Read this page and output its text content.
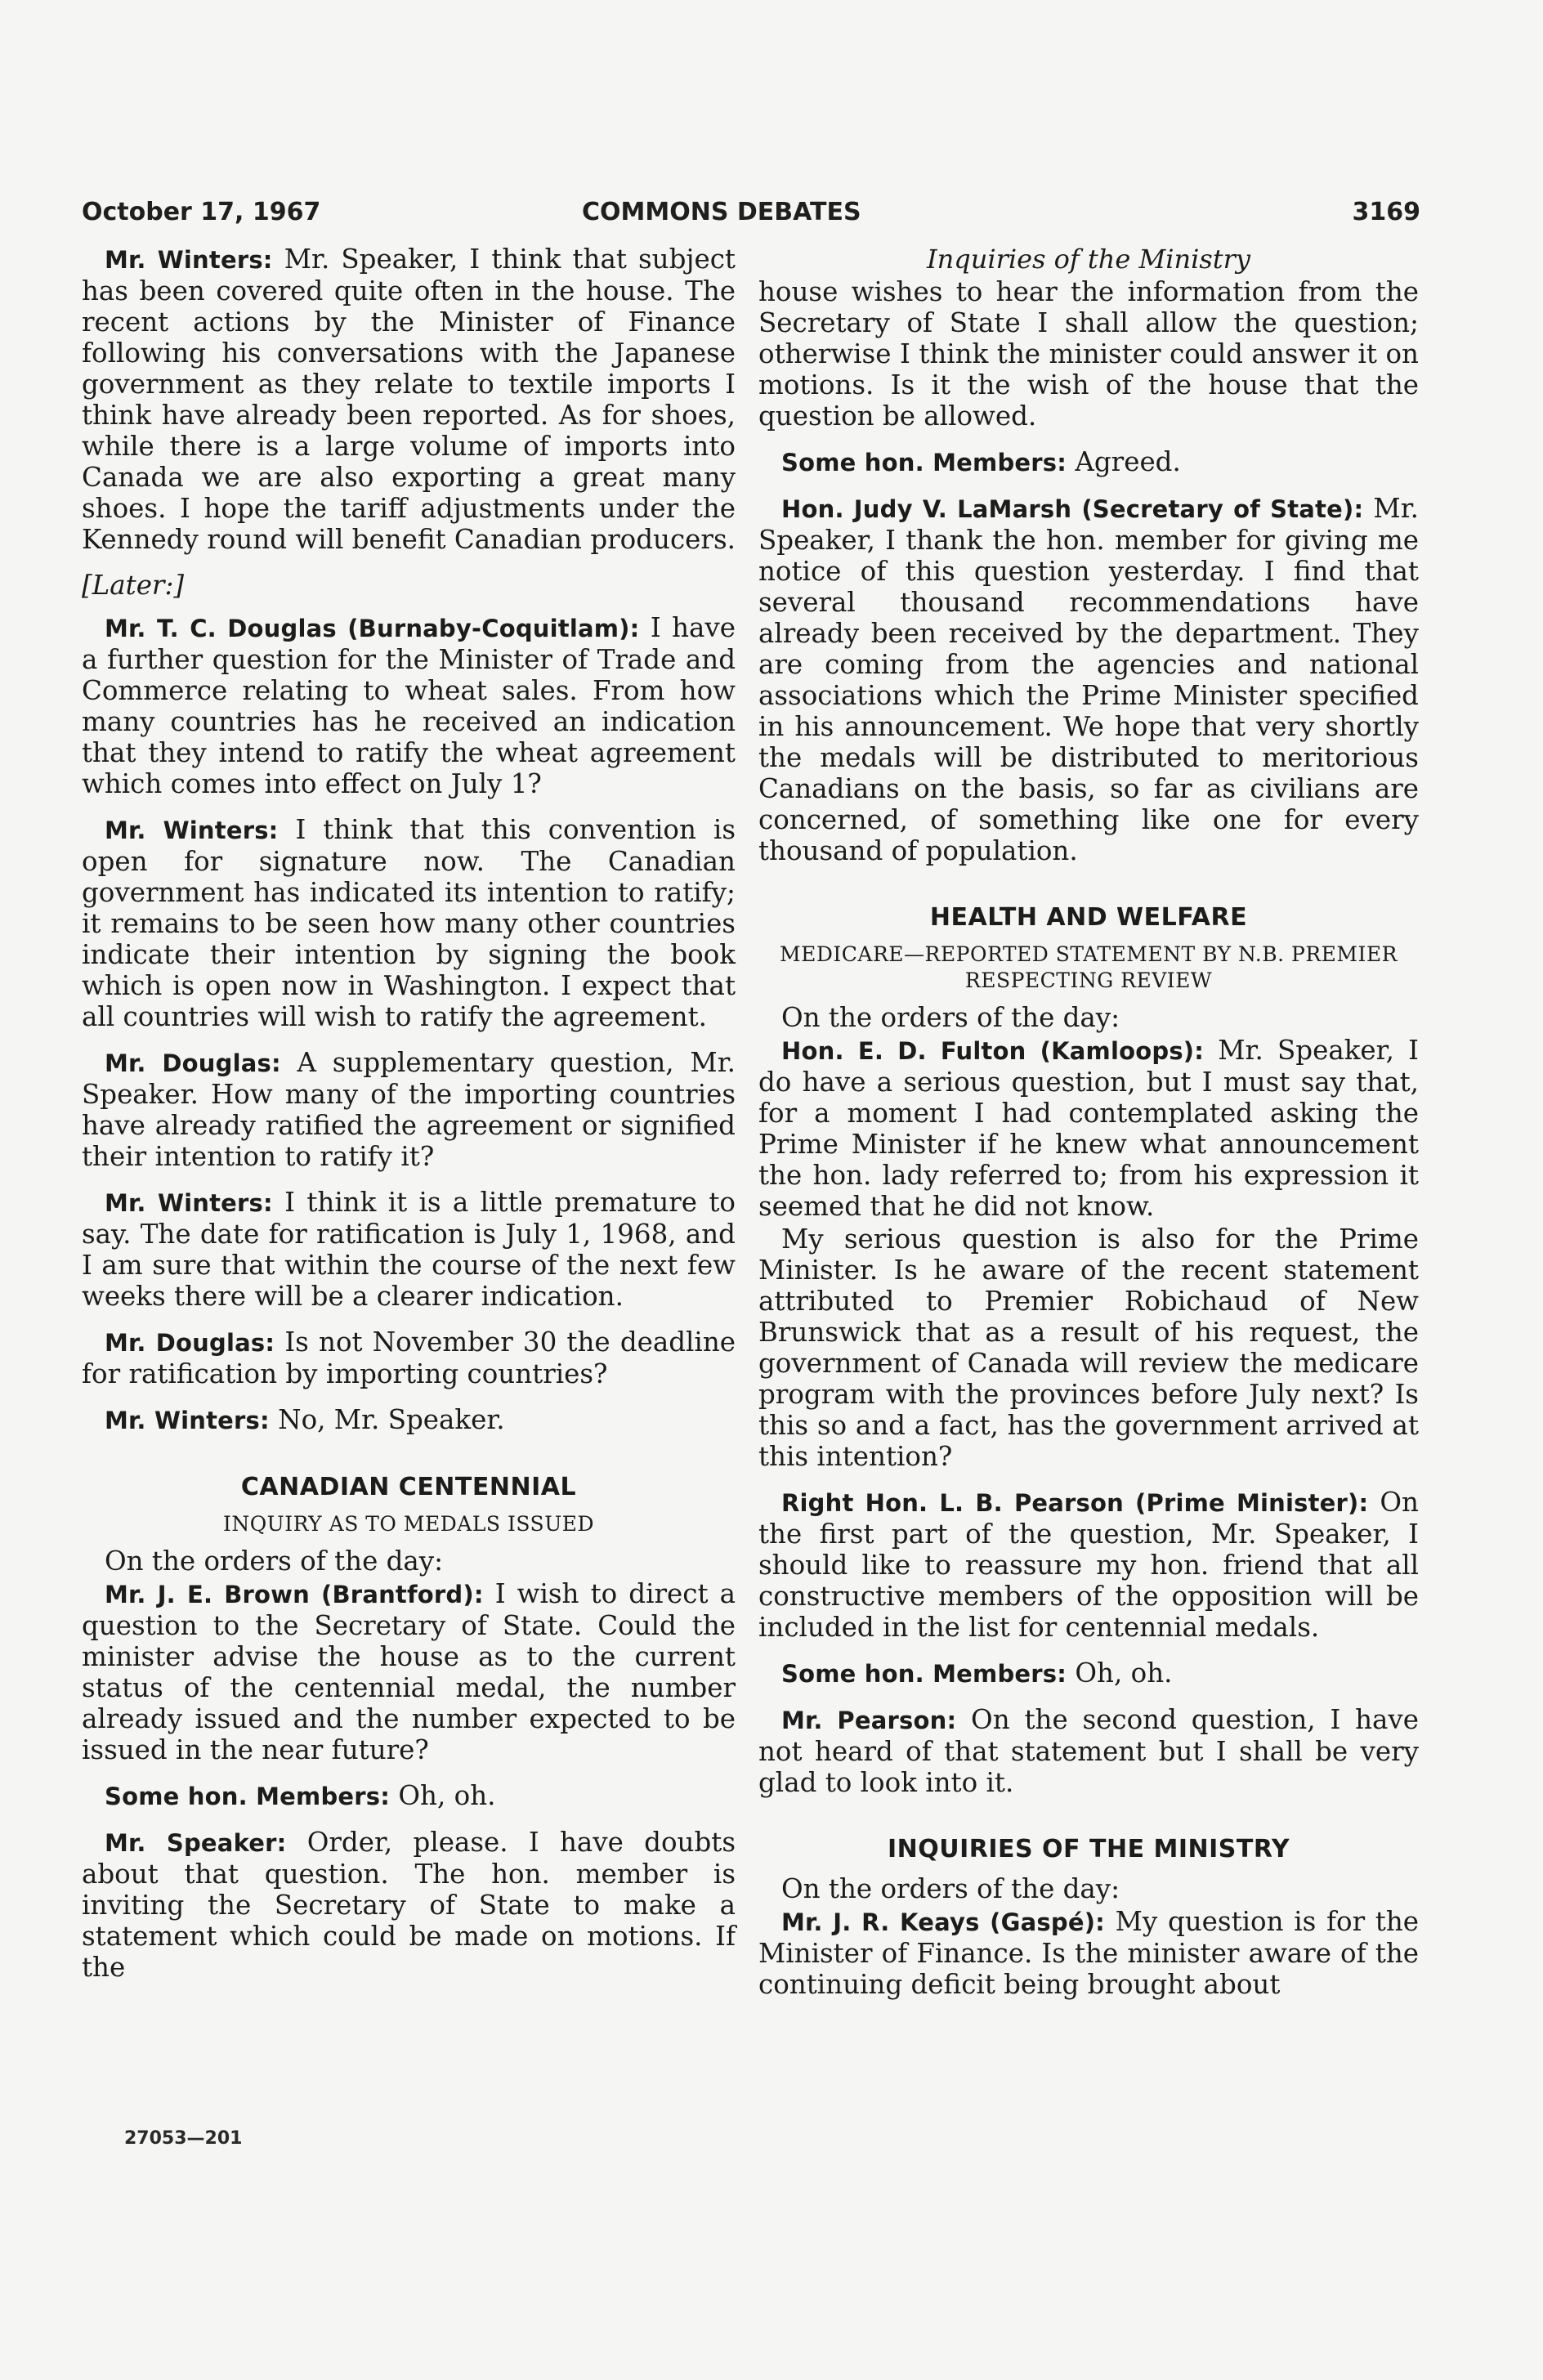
October 17, 1967	COMMONS DEBATES	3169

Mr. Winters: Mr. Speaker, I think that subject has been covered quite often in the house. The recent actions by the Minister of Finance following his conversations with the Japanese government as they relate to textile imports I think have already been reported. As for shoes, while there is a large volume of imports into Canada we are also exporting a great many shoes. I hope the tariff adjustments under the Kennedy round will benefit Canadian producers.

[Later:]

Mr. T. C. Douglas (Burnaby-Coquitlam): I have a further question for the Minister of Trade and Commerce relating to wheat sales. From how many countries has he received an indication that they intend to ratify the wheat agreement which comes into effect on July 1?

Mr. Winters: I think that this convention is open for signature now. The Canadian government has indicated its intention to ratify; it remains to be seen how many other countries indicate their intention by signing the book which is open now in Washington. I expect that all countries will wish to ratify the agreement.

Mr. Douglas: A supplementary question, Mr. Speaker. How many of the importing countries have already ratified the agreement or signified their intention to ratify it?

Mr. Winters: I think it is a little premature to say. The date for ratification is July 1, 1968, and I am sure that within the course of the next few weeks there will be a clearer indication.

Mr. Douglas: Is not November 30 the deadline for ratification by importing countries?

Mr. Winters: No, Mr. Speaker.

CANADIAN CENTENNIAL
INQUIRY AS TO MEDALS ISSUED

On the orders of the day:

Mr. J. E. Brown (Brantford): I wish to direct a question to the Secretary of State. Could the minister advise the house as to the current status of the centennial medal, the number already issued and the number expected to be issued in the near future?

Some hon. Members: Oh, oh.

Mr. Speaker: Order, please. I have doubts about that question. The hon. member is inviting the Secretary of State to make a statement which could be made on motions. If the

27053—201
Inquiries of the Ministry

house wishes to hear the information from the Secretary of State I shall allow the question; otherwise I think the minister could answer it on motions. Is it the wish of the house that the question be allowed.

Some hon. Members: Agreed.

Hon. Judy V. LaMarsh (Secretary of State): Mr. Speaker, I thank the hon. member for giving me notice of this question yesterday. I find that several thousand recommendations have already been received by the department. They are coming from the agencies and national associations which the Prime Minister specified in his announcement. We hope that very shortly the medals will be distributed to meritorious Canadians on the basis, so far as civilians are concerned, of something like one for every thousand of population.

HEALTH AND WELFARE
MEDICARE—REPORTED STATEMENT BY N.B. PREMIER RESPECTING REVIEW

On the orders of the day:

Hon. E. D. Fulton (Kamloops): Mr. Speaker, I do have a serious question, but I must say that, for a moment I had contemplated asking the Prime Minister if he knew what announcement the hon. lady referred to; from his expression it seemed that he did not know.

My serious question is also for the Prime Minister. Is he aware of the recent statement attributed to Premier Robichaud of New Brunswick that as a result of his request, the government of Canada will review the medicare program with the provinces before July next? Is this so and a fact, has the government arrived at this intention?

Right Hon. L. B. Pearson (Prime Minister): On the first part of the question, Mr. Speaker, I should like to reassure my hon. friend that all constructive members of the opposition will be included in the list for centennial medals.

Some hon. Members: Oh, oh.

Mr. Pearson: On the second question, I have not heard of that statement but I shall be very glad to look into it.

INQUIRIES OF THE MINISTRY

On the orders of the day:

Mr. J. R. Keays (Gaspé): My question is for the Minister of Finance. Is the minister aware of the continuing deficit being brought about
